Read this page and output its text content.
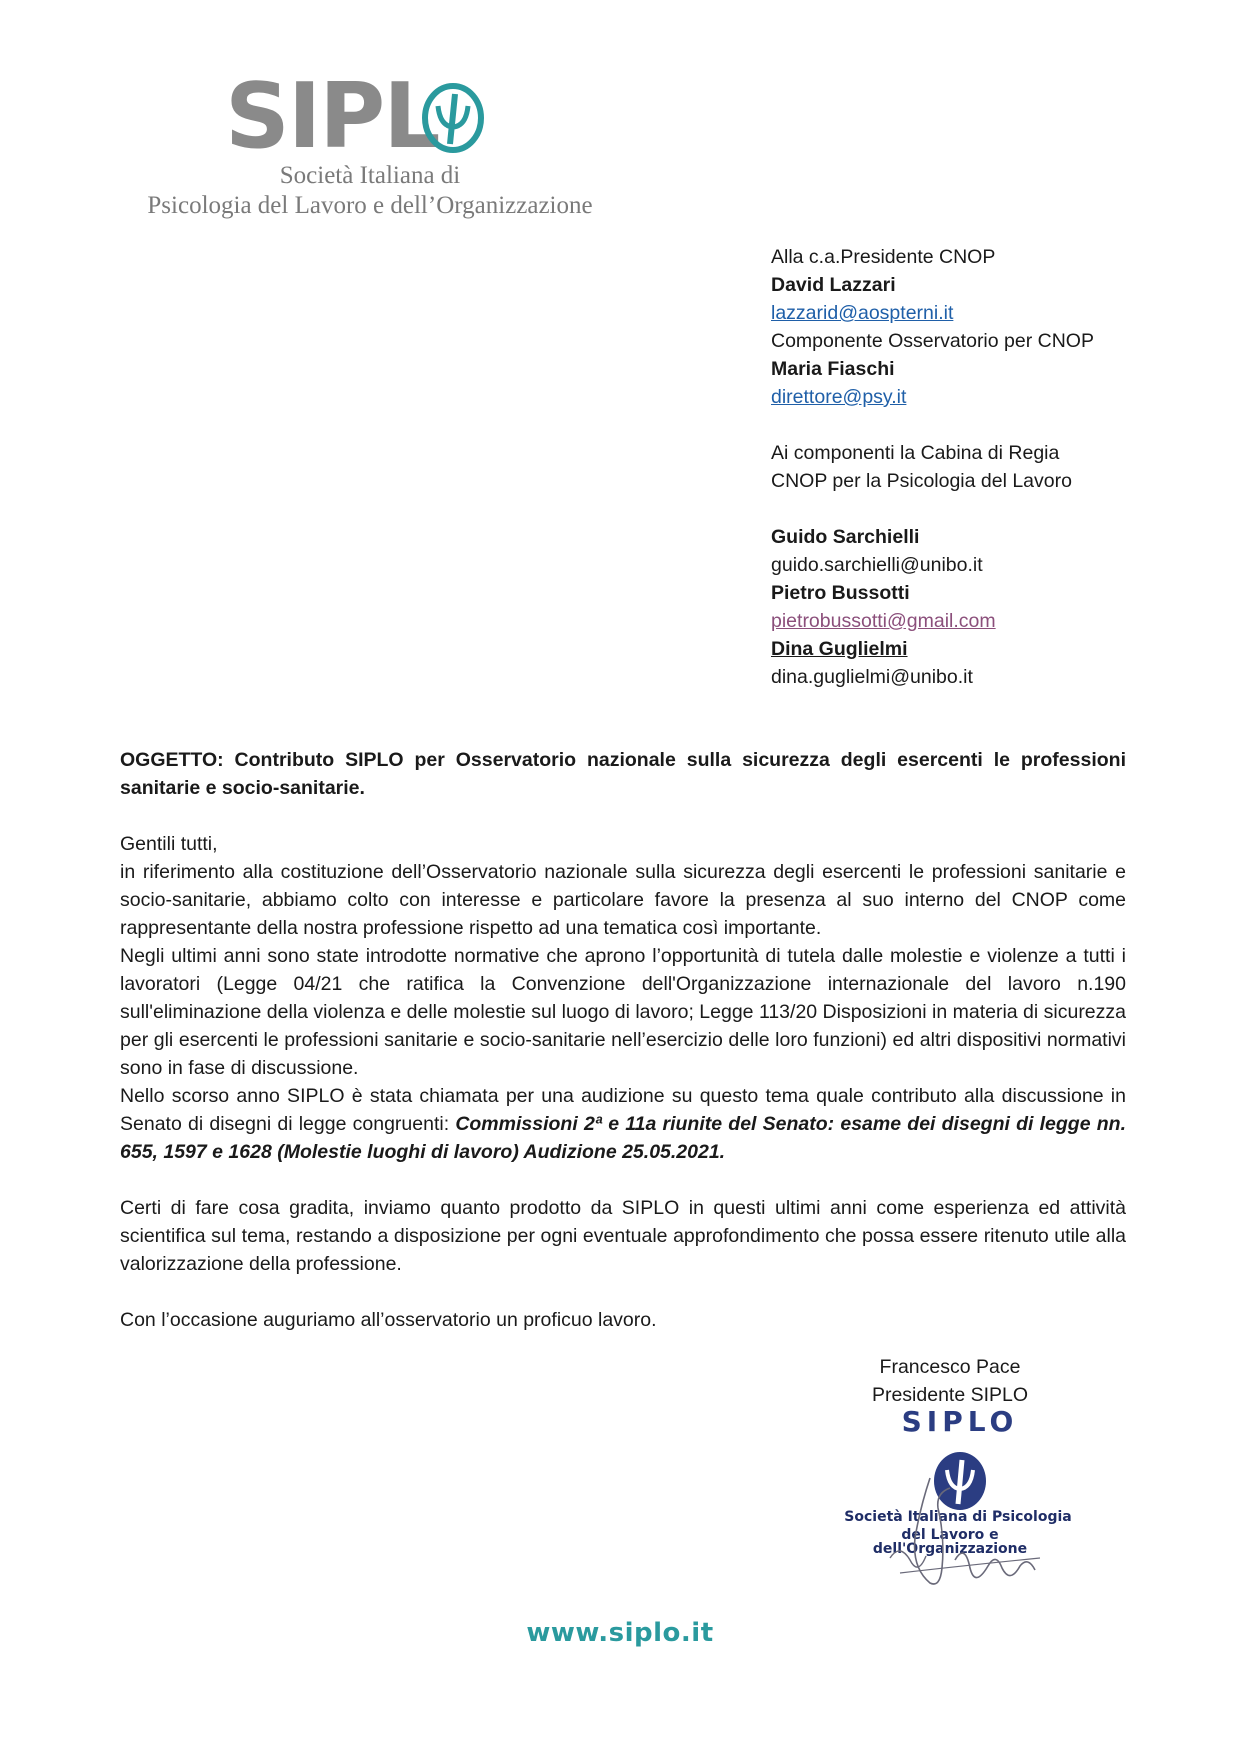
SIPL
Società Italiana di
Psicologia del Lavoro e dell’Organizzazione
Alla c.a.Presidente CNOP
David Lazzari
lazzarid@aospterni.it
Componente Osservatorio per CNOP
Maria Fiaschi
direttore@psy.it
Ai componenti la Cabina di Regia
CNOP per la Psicologia del Lavoro
Guido Sarchielli
guido.sarchielli@unibo.it
Pietro Bussotti
pietrobussotti@gmail.com
Dina Guglielmi
dina.guglielmi@unibo.it

OGGETTO: Contributo SIPLO per Osservatorio nazionale sulla sicurezza degli esercenti le professioni sanitarie e socio-sanitarie.

Gentili tutti,

in riferimento alla costituzione dell’Osservatorio nazionale sulla sicurezza degli esercenti le professioni sanitarie e socio-sanitarie, abbiamo colto con interesse e particolare favore la presenza al suo interno del CNOP come rappresentante della nostra professione rispetto ad una tematica così importante.

Negli ultimi anni sono state introdotte normative che aprono l’opportunità di tutela dalle molestie e violenze a tutti i lavoratori (Legge 04/21 che ratifica la Convenzione dell'Organizzazione internazionale del lavoro n.190 sull'eliminazione della violenza e delle molestie sul luogo di lavoro; Legge 113/20 Disposizioni in materia di sicurezza per gli esercenti le professioni sanitarie e socio-sanitarie nell’esercizio delle loro funzioni) ed altri dispositivi normativi sono in fase di discussione.

Nello scorso anno SIPLO è stata chiamata per una audizione su questo tema quale contributo alla discussione in Senato di disegni di legge congruenti: Commissioni 2ª e 11a riunite del Senato: esame dei disegni di legge nn. 655, 1597 e 1628 (Molestie luoghi di lavoro) Audizione 25.05.2021.

Certi di fare cosa gradita, inviamo quanto prodotto da SIPLO in questi ultimi anni come esperienza ed attività scientifica sul tema, restando a disposizione per ogni eventuale approfondimento che possa essere ritenuto utile alla valorizzazione della professione.

Con l’occasione auguriamo all’osservatorio un proficuo lavoro.

Francesco Pace
Presidente SIPLO
SIPLO
Società Italiana di Psicologia
del Lavoro e dell'Organizzazione
www.siplo.it
